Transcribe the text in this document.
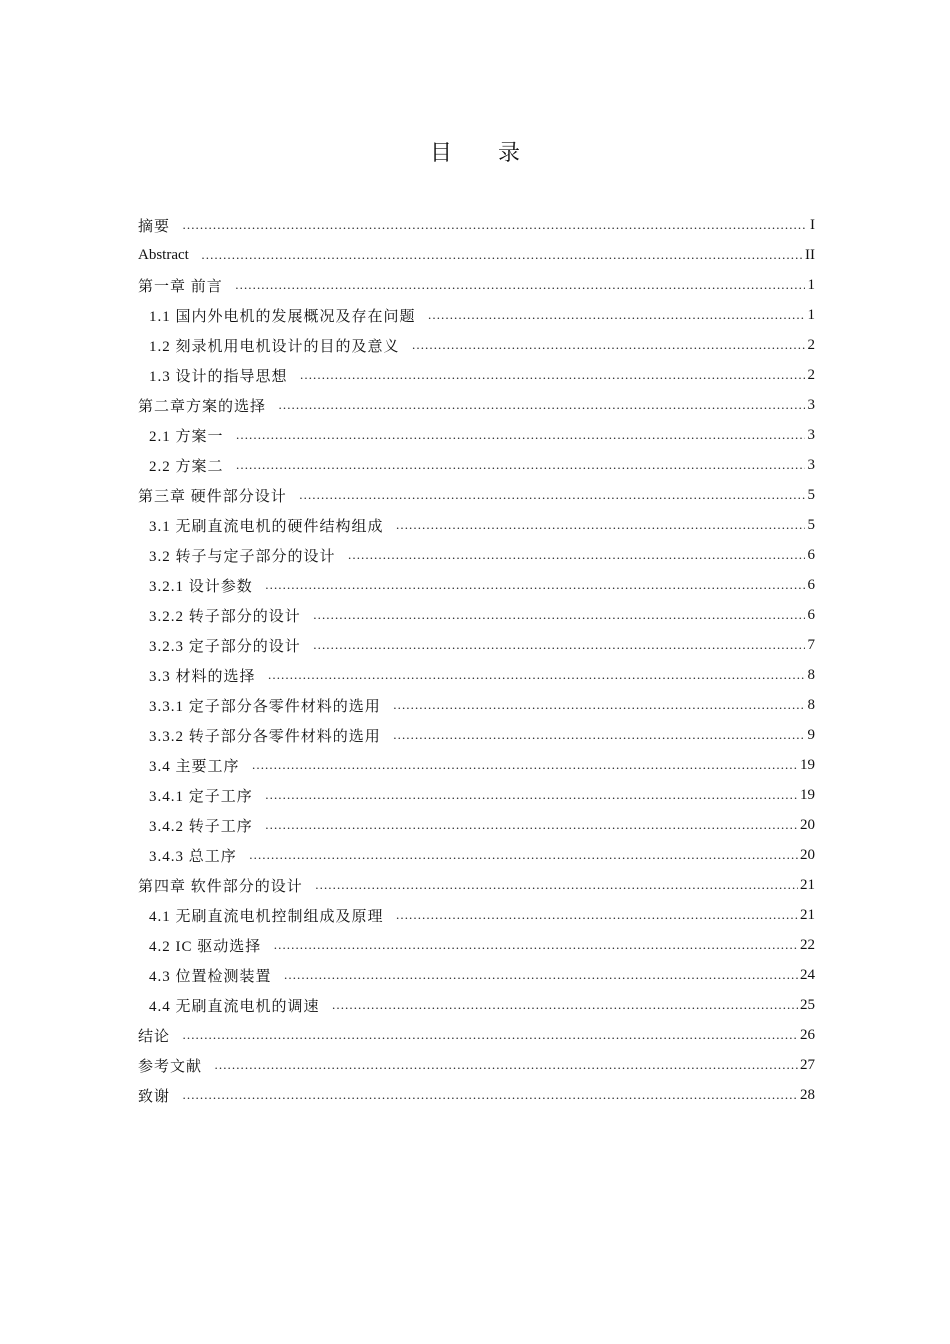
目 录
摘要 …………………………………………………………………………………………………………………………………………………………………………………………………………	I
Abstract …………………………………………………………………………………………………………………………………………………………………………………………………………	II
第一章 前言 …………………………………………………………………………………………………………………………………………………………………………………………………………	1
1.1 国内外电机的发展概况及存在问题 …………………………………………………………………………………………………………………………………………………………………………………………………………	1
1.2 刻录机用电机设计的目的及意义 …………………………………………………………………………………………………………………………………………………………………………………………………………	2
1.3 设计的指导思想 …………………………………………………………………………………………………………………………………………………………………………………………………………	2
第二章方案的选择 …………………………………………………………………………………………………………………………………………………………………………………………………………	3
2.1 方案一 …………………………………………………………………………………………………………………………………………………………………………………………………………	3
2.2 方案二 …………………………………………………………………………………………………………………………………………………………………………………………………………	3
第三章 硬件部分设计 …………………………………………………………………………………………………………………………………………………………………………………………………………	5
3.1 无刷直流电机的硬件结构组成 …………………………………………………………………………………………………………………………………………………………………………………………………………	5
3.2 转子与定子部分的设计 …………………………………………………………………………………………………………………………………………………………………………………………………………	6
3.2.1 设计参数 …………………………………………………………………………………………………………………………………………………………………………………………………………	6
3.2.2 转子部分的设计 …………………………………………………………………………………………………………………………………………………………………………………………………………	6
3.2.3 定子部分的设计 …………………………………………………………………………………………………………………………………………………………………………………………………………	7
3.3 材料的选择 …………………………………………………………………………………………………………………………………………………………………………………………………………	8
3.3.1 定子部分各零件材料的选用 …………………………………………………………………………………………………………………………………………………………………………………………………………	8
3.3.2 转子部分各零件材料的选用 …………………………………………………………………………………………………………………………………………………………………………………………………………	9
3.4 主要工序 …………………………………………………………………………………………………………………………………………………………………………………………………………	19
3.4.1 定子工序 …………………………………………………………………………………………………………………………………………………………………………………………………………	19
3.4.2 转子工序 …………………………………………………………………………………………………………………………………………………………………………………………………………	20
3.4.3 总工序 …………………………………………………………………………………………………………………………………………………………………………………………………………	20
第四章 软件部分的设计 …………………………………………………………………………………………………………………………………………………………………………………………………………	21
4.1 无刷直流电机控制组成及原理 …………………………………………………………………………………………………………………………………………………………………………………………………………	21
4.2 IC 驱动选择 …………………………………………………………………………………………………………………………………………………………………………………………………………	22
4.3 位置检测装置 …………………………………………………………………………………………………………………………………………………………………………………………………………	24
4.4 无刷直流电机的调速 …………………………………………………………………………………………………………………………………………………………………………………………………………	25
结论 …………………………………………………………………………………………………………………………………………………………………………………………………………	26
参考文献 …………………………………………………………………………………………………………………………………………………………………………………………………………	27
致谢 …………………………………………………………………………………………………………………………………………………………………………………………………………	28
